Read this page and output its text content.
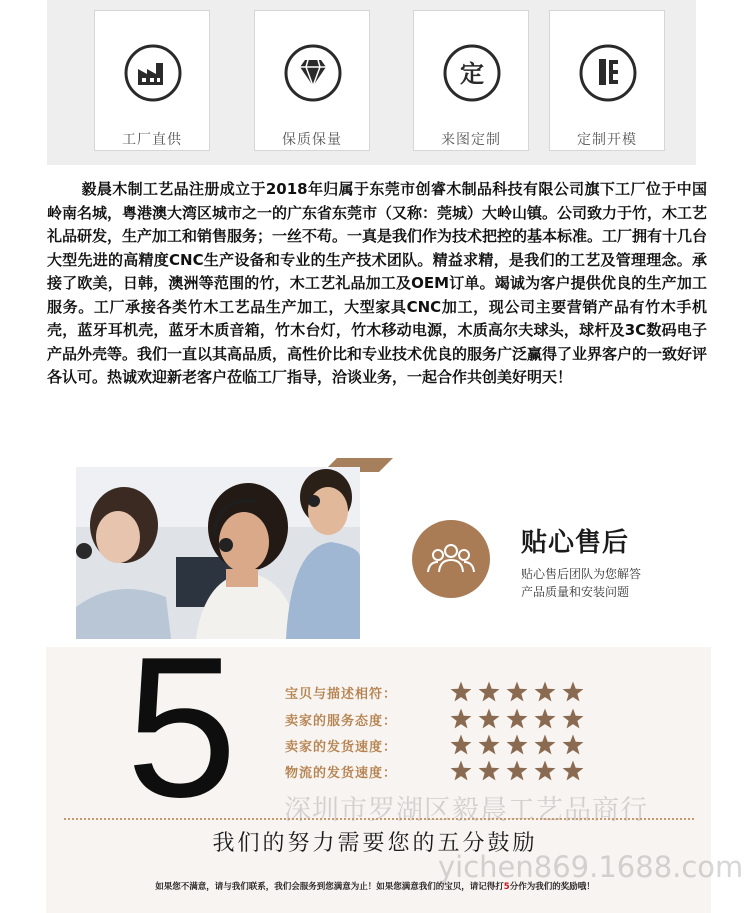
工厂直供	保质保量
定
来图定制	定制开模

毅晨木制工艺品注册成立于2018年归属于东莞市创睿木制品科技有限公司旗下工厂位于中国岭南名城，粤港澳大湾区城市之一的广东省东莞市（又称：莞城）大岭山镇。公司致力于竹，木工艺礼品研发，生产加工和销售服务；一丝不苟。一真是我们作为技术把控的基本标准。工厂拥有十几台大型先进的高精度CNC生产设备和专业的生产技术团队。精益求精，是我们的工艺及管理理念。承接了欧美，日韩，澳洲等范围的竹，木工艺礼品加工及OEM订单。竭诚为客户提供优良的生产加工服务。工厂承接各类竹木工艺品生产加工，大型家具CNC加工，现公司主要营销产品有竹木手机壳，蓝牙耳机壳，蓝牙木质音箱，竹木台灯，竹木移动电源，木质高尔夫球头，球杆及3C数码电子产品外壳等。我们一直以其高品质，高性价比和专业技术优良的服务广泛赢得了业界客户的一致好评各认可。热诚欢迎新老客户莅临工厂指导，洽谈业务，一起合作共创美好明天！

贴心售后
贴心售后团队为您解答
产品质量和安装问题
5	宝贝与描述相符：
卖家的服务态度：
卖家的发货速度：
物流的发货速度：
深圳市罗湖区毅晨工艺品商行
我们的努力需要您的五分鼓励
yichen869.1688.com
如果您不满意，请与我们联系，我们会服务到您满意为止！如果您满意我们的宝贝，请记得打5分作为我们的奖励哦！
